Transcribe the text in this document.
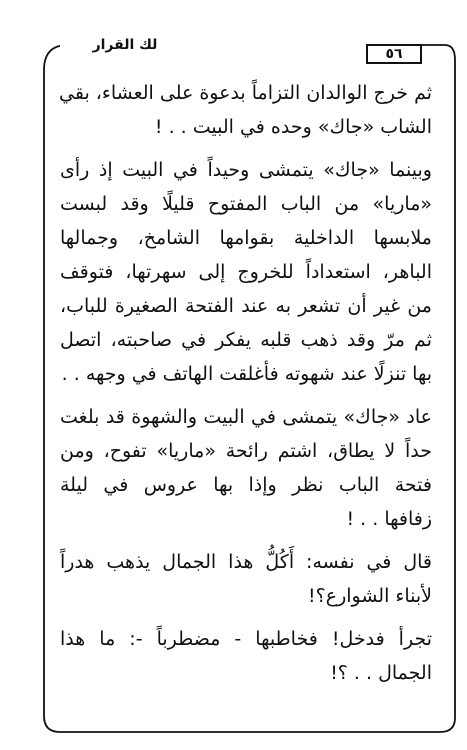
لك القرار
٥٦

ثم خرج الوالدان التزاماً بدعوة على العشاء، بقي
الشاب «جاك» وحده في البيت . . !

وبينما «جاك» يتمشى وحيداً في البيت إذ رأى
«ماريا» من الباب المفتوح قليلًا وقد لبست
ملابسها الداخلية بقوامها الشامخ، وجمالها
الباهر، استعداداً للخروج إلى سهرتها، فتوقف
من غير أن تشعر به عند الفتحة الصغيرة للباب،
ثم مرّ وقد ذهب قلبه يفكر في صاحبته، اتصل
بها تنزلًا عند شهوته فأغلقت الهاتف في وجهه . .

عاد «جاك» يتمشى في البيت والشهوة قد بلغت
حداً لا يطاق، اشتم رائحة «ماريا» تفوح، ومن
فتحة الباب نظر وإذا بها عروس في ليلة
زفافها . . !

قال في نفسه: أَكُلُّ هذا الجمال يذهب هدراً
لأبناء الشوارع؟!

تجرأ فدخل! فخاطبها - مضطرباً -: ما هذا
الجمال . . ؟!
